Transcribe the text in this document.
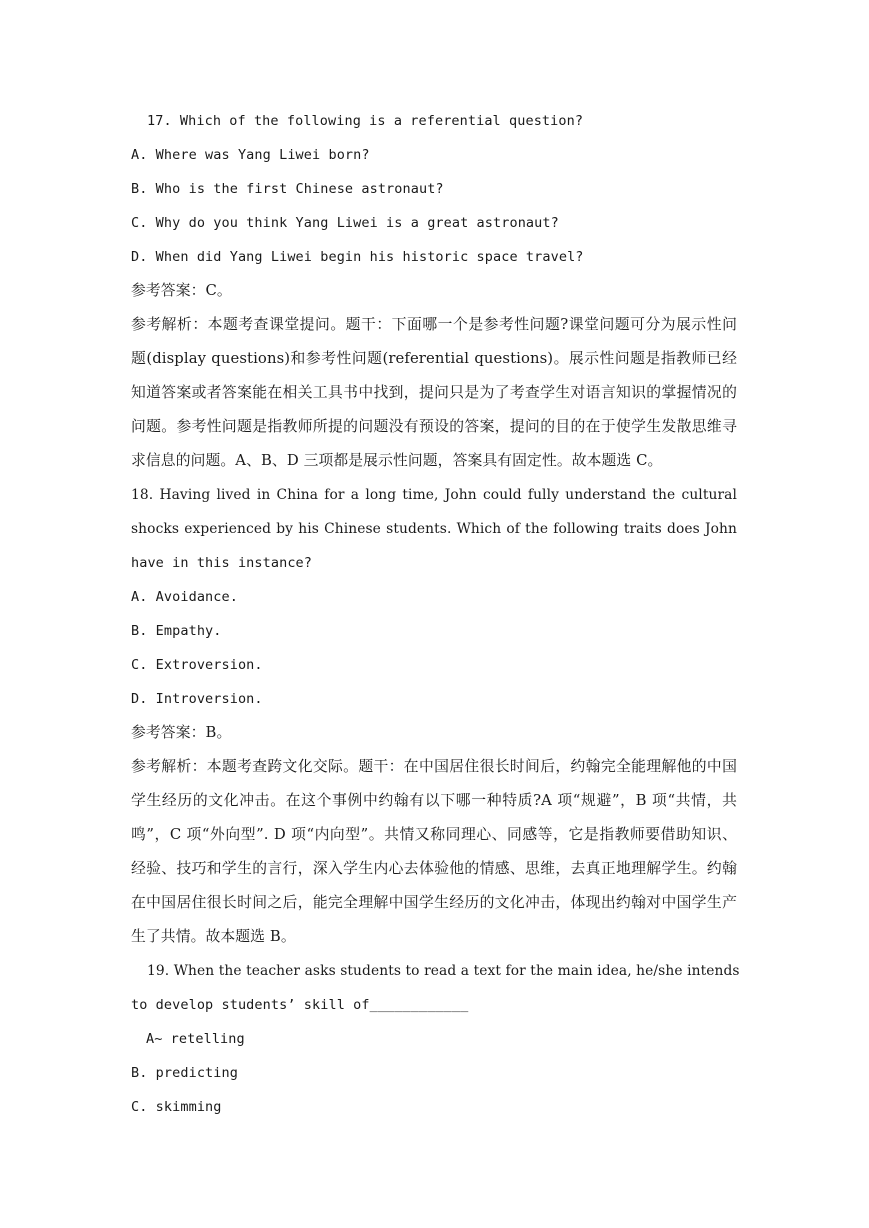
17. Which of the following is a referential question?
A. Where was Yang Liwei born?
B. Who is the first Chinese astronaut?
C. Why do you think Yang Liwei is a great astronaut?
D. When did Yang Liwei begin his historic space travel?
参考答案：C。
参考解析：本题考查课堂提问。题干：下面哪一个是参考性问题?课堂问题可分为展示性问
题(display questions)和参考性问题(referential questions)。展示性问题是指教师已经
知道答案或者答案能在相关工具书中找到，提问只是为了考查学生对语言知识的掌握情况的
问题。参考性问题是指教师所提的问题没有预设的答案，提问的目的在于使学生发散思维寻
求信息的问题。A、B、D 三项都是展示性问题，答案具有固定性。故本题选 C。
18. Having lived in China for a long time, John could fully understand the cultural
shocks experienced by his Chinese students. Which of the following traits does John
have in this instance?
A. Avoidance.
B. Empathy.
C. Extroversion.
D. Introversion.
参考答案：B。
参考解析：本题考查跨文化交际。题干：在中国居住很长时间后，约翰完全能理解他的中国
学生经历的文化冲击。在这个事例中约翰有以下哪一种特质?A 项“规避”，B 项“共情，共
鸣”，C 项“外向型”. D 项“内向型”。共情又称同理心、同感等，它是指教师要借助知识、
经验、技巧和学生的言行，深入学生内心去体验他的情感、思维，去真正地理解学生。约翰
在中国居住很长时间之后，能完全理解中国学生经历的文化冲击，体现出约翰对中国学生产
生了共情。故本题选 B。
19. When the teacher asks students to read a text for the main idea, he/she intends
to develop students’ skill of____________
A~ retelling
B. predicting
C. skimming
